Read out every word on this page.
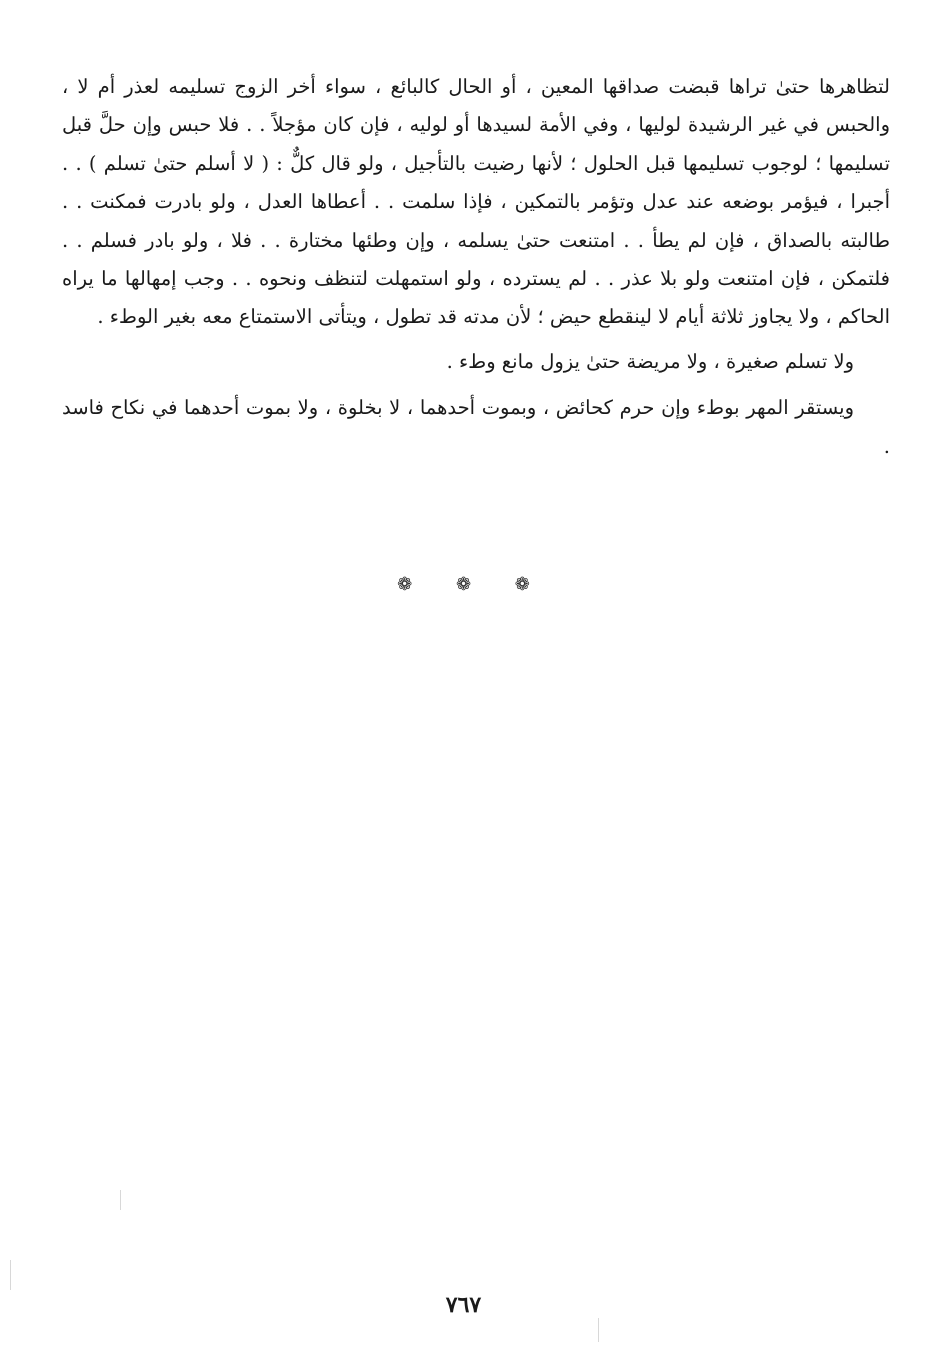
لتظاهرها حتىٰ تراها قبضت صداقها المعين ، أو الحال كالبائع ، سواء أخر الزوج تسليمه لعذر أم لا ، والحبس في غير الرشيدة لوليها ، وفي الأمة لسيدها أو لوليه ، فإن كان مؤجلاً . . فلا حبس وإن حلَّ قبل تسليمها ؛ لوجوب تسليمها قبل الحلول ؛ لأنها رضيت بالتأجيل ، ولو قال كلٌّ : ( لا أسلم حتىٰ تسلم ) . . أجبرا ، فيؤمر بوضعه عند عدل وتؤمر بالتمكين ، فإذا سلمت . . أعطاها العدل ، ولو بادرت فمكنت . . طالبته بالصداق ، فإن لم يطأ . . امتنعت حتىٰ يسلمه ، وإن وطئها مختارة . . فلا ، ولو بادر فسلم . . فلتمكن ، فإن امتنعت ولو بلا عذر . . لم يسترده ، ولو استمهلت لتنظف ونحوه . . وجب إمهالها ما يراه الحاكم ، ولا يجاوز ثلاثة أيام لا لينقطع حيض ؛ لأن مدته قد تطول ، ويتأتى الاستمتاع معه بغير الوطء .

ولا تسلم صغيرة ، ولا مريضة حتىٰ يزول مانع وطء .

ويستقر المهر بوطء وإن حرم كحائض ، وبموت أحدهما ، لا بخلوة ، ولا بموت أحدهما في نكاح فاسد .

❁ ❁ ❁
٧٦٧
